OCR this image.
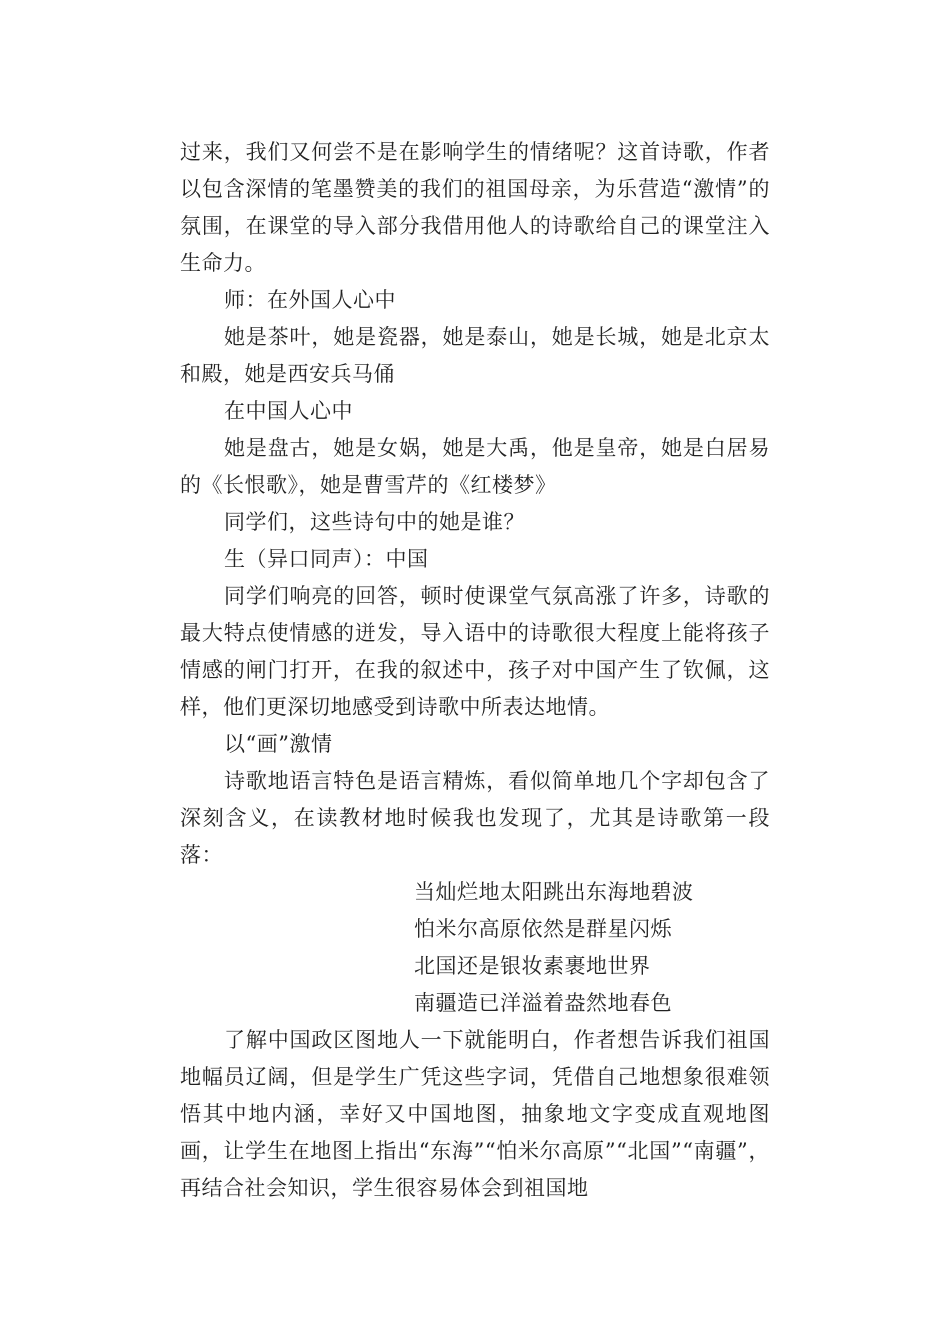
过来，我们又何尝不是在影响学生的情绪呢？这首诗歌，作者以包含深情的笔墨赞美的我们的祖国母亲，为乐营造“激情”的氛围，在课堂的导入部分我借用他人的诗歌给自己的课堂注入生命力。

师：在外国人心中

她是茶叶，她是瓷器，她是泰山，她是长城，她是北京太和殿，她是西安兵马俑

在中国人心中

她是盘古，她是女娲，她是大禹，他是皇帝，她是白居易的《长恨歌》，她是曹雪芹的《红楼梦》

同学们，这些诗句中的她是谁？

生（异口同声）：中国

同学们响亮的回答，顿时使课堂气氛高涨了许多，诗歌的最大特点使情感的迸发，导入语中的诗歌很大程度上能将孩子情感的闸门打开，在我的叙述中，孩子对中国产生了钦佩，这样，他们更深切地感受到诗歌中所表达地情。

以“画”激情

诗歌地语言特色是语言精炼，看似简单地几个字却包含了深刻含义，在读教材地时候我也发现了，尤其是诗歌第一段落：

当灿烂地太阳跳出东海地碧波

怕米尔高原依然是群星闪烁

北国还是银妆素裹地世界

南疆造已洋溢着盎然地春色

了解中国政区图地人一下就能明白，作者想告诉我们祖国地幅员辽阔，但是学生广凭这些字词，凭借自己地想象很难领悟其中地内涵，幸好又中国地图，抽象地文字变成直观地图画，让学生在地图上指出“东海”“怕米尔高原”“北国”“南疆”，再结合社会知识，学生很容易体会到祖国地
